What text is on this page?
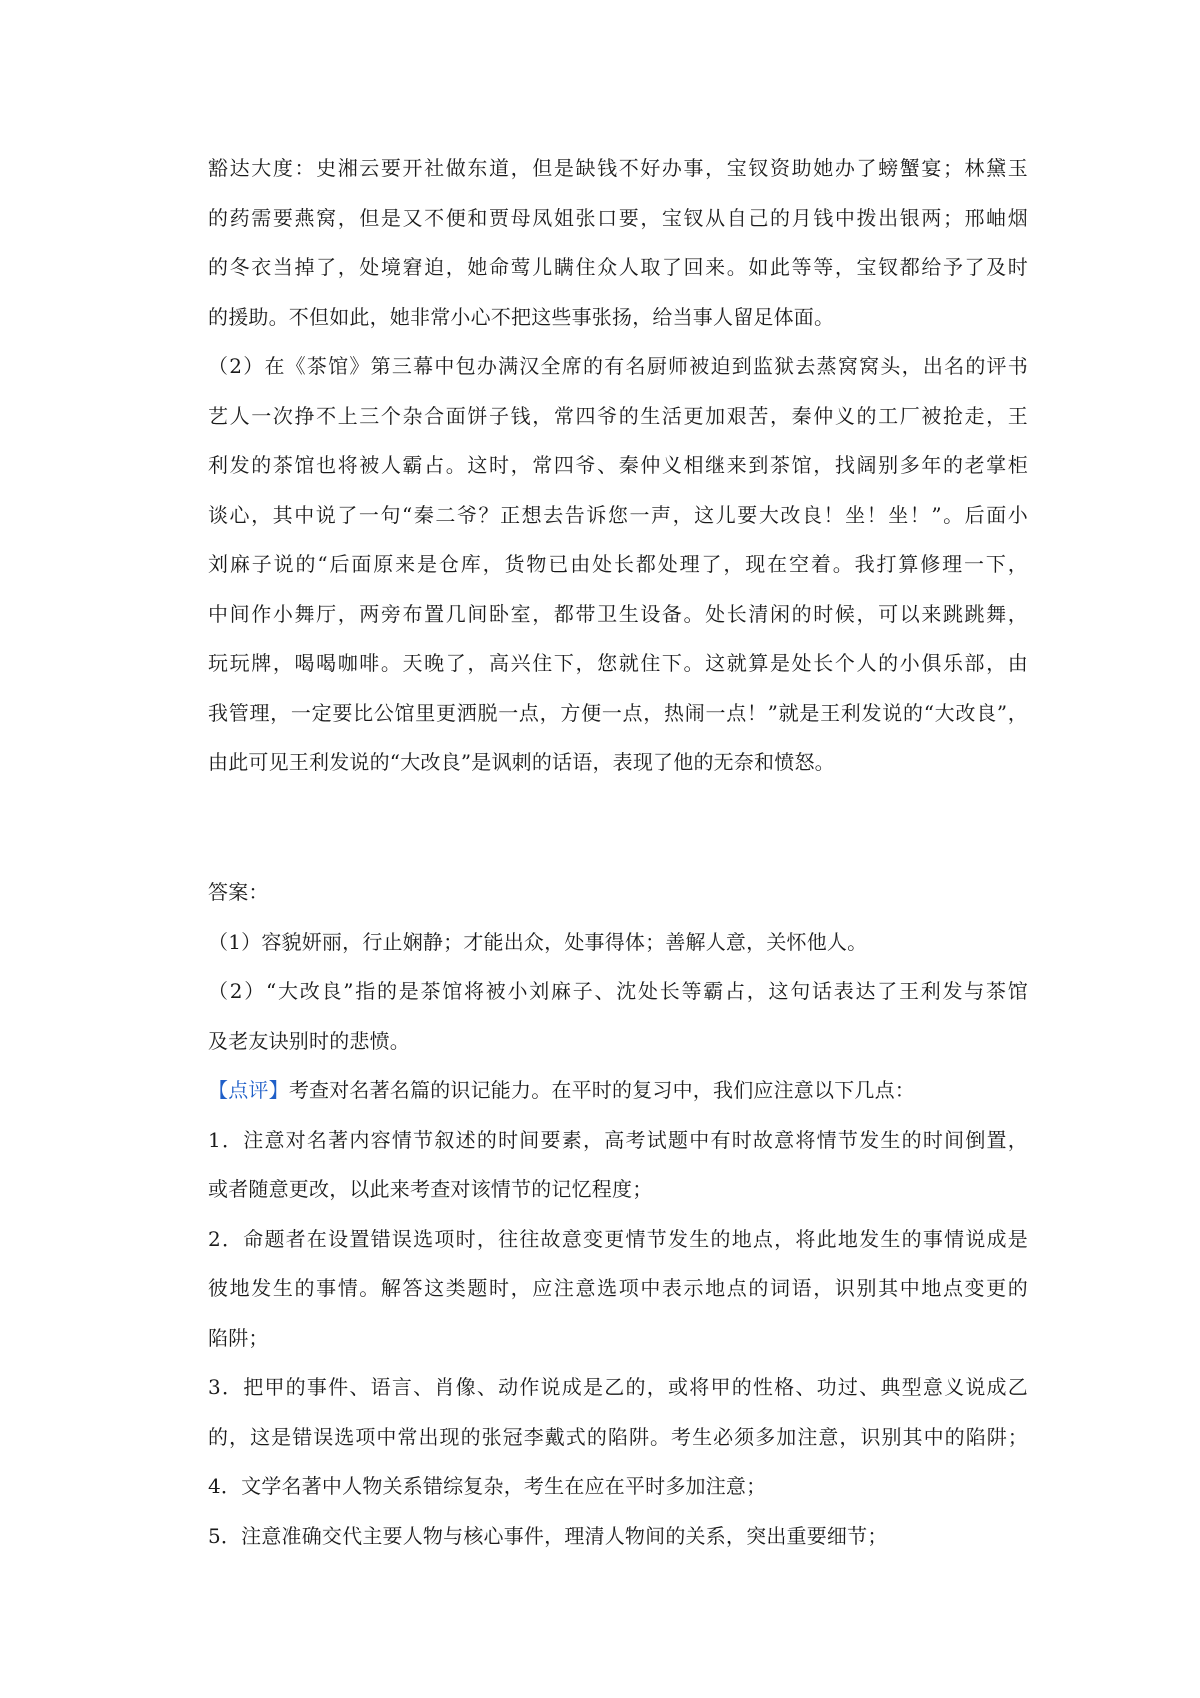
豁达大度：史湘云要开社做东道，但是缺钱不好办事，宝钗资助她办了螃蟹宴；林黛玉
的药需要燕窝，但是又不便和贾母凤姐张口要，宝钗从自己的月钱中拨出银两；邢岫烟
的冬衣当掉了，处境窘迫，她命莺儿瞒住众人取了回来。如此等等，宝钗都给予了及时
的援助。不但如此，她非常小心不把这些事张扬，给当事人留足体面。
（2）在《茶馆》第三幕中包办满汉全席的有名厨师被迫到监狱去蒸窝窝头，出名的评书
艺人一次挣不上三个杂合面饼子钱，常四爷的生活更加艰苦，秦仲义的工厂被抢走，王
利发的茶馆也将被人霸占。这时，常四爷、秦仲义相继来到茶馆，找阔别多年的老掌柜
谈心，其中说了一句“秦二爷？正想去告诉您一声，这儿要大改良！坐！坐！”。后面小
刘麻子说的“后面原来是仓库，货物已由处长都处理了，现在空着。我打算修理一下，
中间作小舞厅，两旁布置几间卧室，都带卫生设备。处长清闲的时候，可以来跳跳舞，
玩玩牌，喝喝咖啡。天晚了，高兴住下，您就住下。这就算是处长个人的小俱乐部，由
我管理，一定要比公馆里更洒脱一点，方便一点，热闹一点！”就是王利发说的“大改良”，
由此可见王利发说的“大改良”是讽刺的话语，表现了他的无奈和愤怒。
答案：
（1）容貌妍丽，行止娴静；才能出众，处事得体；善解人意，关怀他人。
（2）“大改良”指的是茶馆将被小刘麻子、沈处长等霸占，这句话表达了王利发与茶馆
及老友诀别时的悲愤。
【点评】考查对名著名篇的识记能力。在平时的复习中，我们应注意以下几点：
1．注意对名著内容情节叙述的时间要素，高考试题中有时故意将情节发生的时间倒置，
或者随意更改，以此来考查对该情节的记忆程度；
2．命题者在设置错误选项时，往往故意变更情节发生的地点，将此地发生的事情说成是
彼地发生的事情。解答这类题时，应注意选项中表示地点的词语，识别其中地点变更的
陷阱；
3．把甲的事件、语言、肖像、动作说成是乙的，或将甲的性格、功过、典型意义说成乙
的，这是错误选项中常出现的张冠李戴式的陷阱。考生必须多加注意，识别其中的陷阱；
4．文学名著中人物关系错综复杂，考生在应在平时多加注意；
5．注意准确交代主要人物与核心事件，理清人物间的关系，突出重要细节；
